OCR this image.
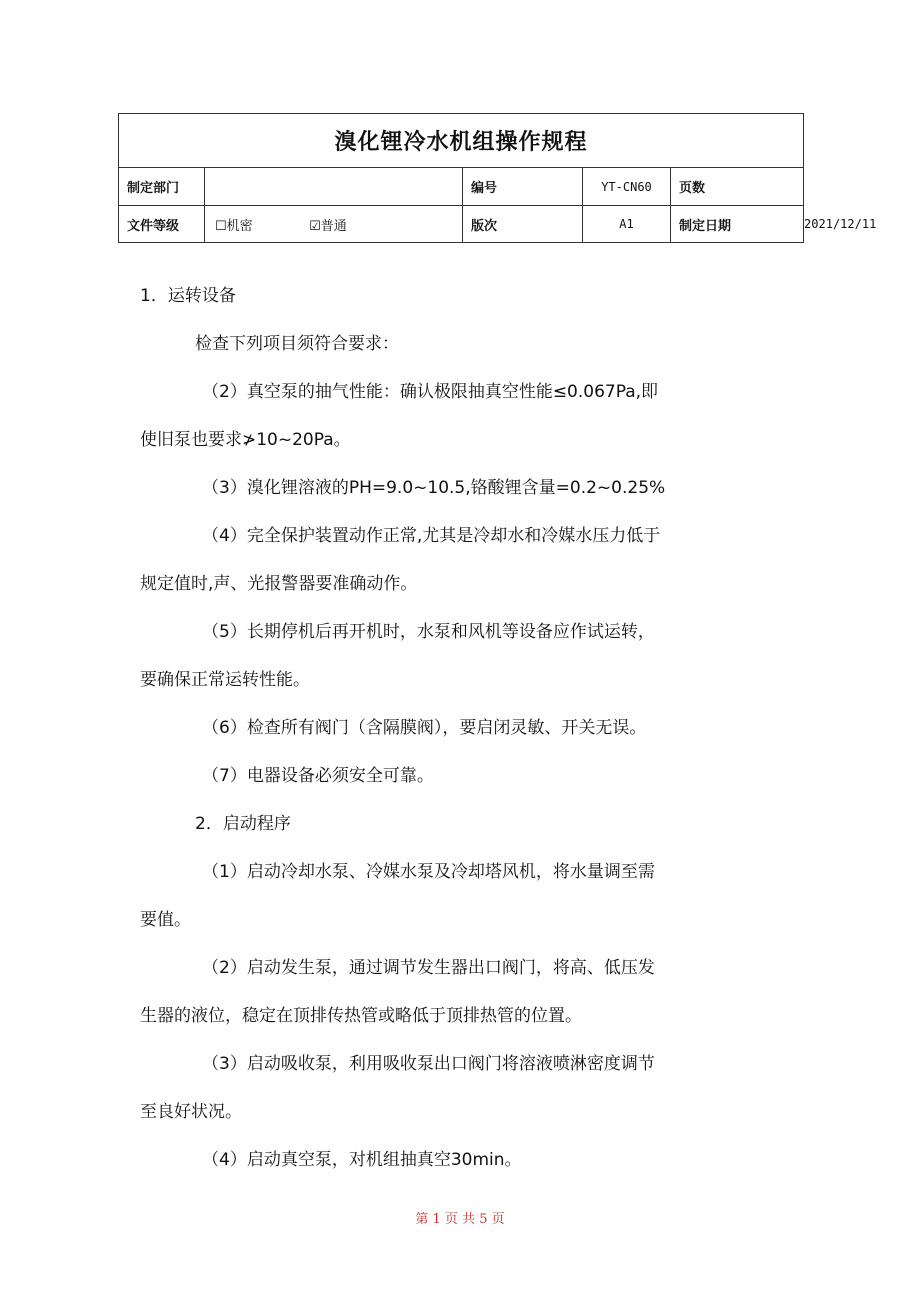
溴化锂冷水机组操作规程					
制定部门		编号	YT-CN60	页数	
文件等级	☐机密 ☑普通	版次	A1	制定日期	2021/12/11

1．运转设备

检查下列项目须符合要求：

（2）真空泵的抽气性能：确认极限抽真空性能≤0.067Pa,即

使旧泵也要求≯10~20Pa。

（3）溴化锂溶液的PH=9.0~10.5,铬酸锂含量=0.2~0.25%

（4）完全保护装置动作正常,尤其是冷却水和冷媒水压力低于

规定值时,声、光报警器要准确动作。

（5）长期停机后再开机时，水泵和风机等设备应作试运转，

要确保正常运转性能。

（6）检查所有阀门（含隔膜阀），要启闭灵敏、开关无误。

（7）电器设备必须安全可靠。

2．启动程序

（1）启动冷却水泵、冷媒水泵及冷却塔风机，将水量调至需

要值。

（2）启动发生泵，通过调节发生器出口阀门，将高、低压发

生器的液位，稳定在顶排传热管或略低于顶排热管的位置。

（3）启动吸收泵，利用吸收泵出口阀门将溶液喷淋密度调节

至良好状况。

（4）启动真空泵，对机组抽真空30min。

第 1 页 共 5 页
